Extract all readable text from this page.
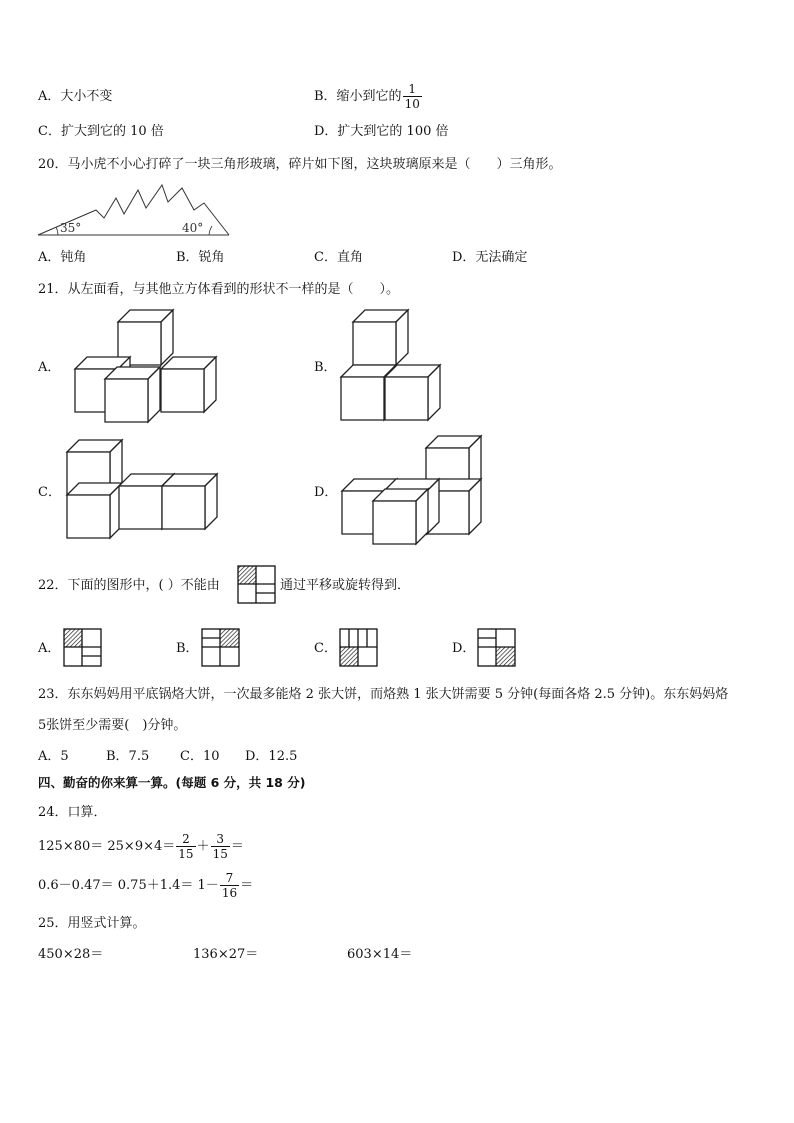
A．大小不变	B．缩小到它的 $\frac{1}{10}$
C．扩大到它的 10 倍	D．扩大到它的 100 倍
20．马小虎不小心打碎了一块三角形玻璃，碎片如下图，这块玻璃原来是（　　）三角形。
35°	40°
A．钝角	B．锐角	C．直角	D．无法确定
21．从左面看，与其他立方体看到的形状不一样的是（　　）。
A．	B．
C．	D．
22．下面的图形中，( ）不能由	通过平移或旋转得到．
A．	B．	C．	D．
23．东东妈妈用平底锅烙大饼，一次最多能烙 2 张大饼，而烙熟 1 张大饼需要 5 分钟(每面各烙 2.5 分钟)。东东妈妈烙
5张饼至少需要(　)分钟。
A．5	B．7.5 C．10 D．12.5
四、勤奋的你来算一算。(每题 6 分，共 18 分)
24．口算．
$125\times 80= 25\times 9\times 4= \frac{2}{15} + \frac{3}{15}$ ＝
$0.6-0.47= 0.75+1.4= 1- \frac{7}{16}$ ＝
25．用竖式计算。
450×28＝	136×27＝	603×14＝
